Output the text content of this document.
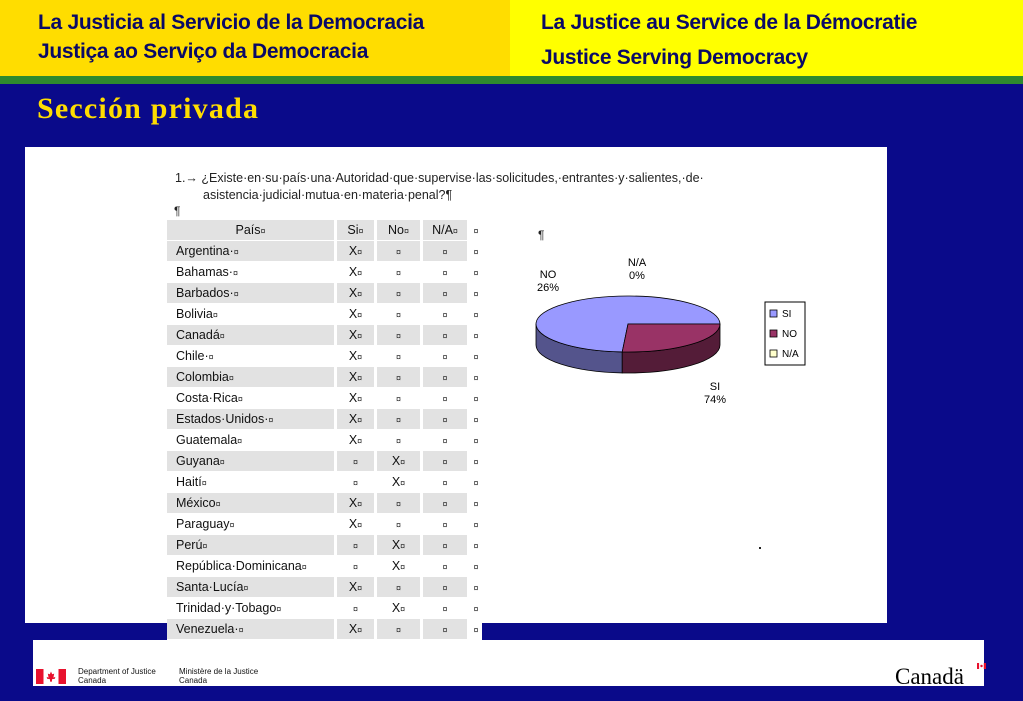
La Justicia al Servicio de la Democracia
Justiça ao Serviço da Democracia
La Justice au Service de la Démocratie
Justice Serving Democracy
Sección privada
1.→ ¿Existe·en·su·país·una·Autoridad·que·supervise·las·solicitudes,·entrantes·y·salientes,·de·
asistencia·judicial·mutua·en·materia·penal?¶
¶
¶
País¤	Si¤	No¤	N/A¤	¤
Argentina·¤	X¤	¤	¤	¤
Bahamas·¤	X¤	¤	¤	¤
Barbados·¤	X¤	¤	¤	¤
Bolivia¤	X¤	¤	¤	¤
Canadá¤	X¤	¤	¤	¤
Chile·¤	X¤	¤	¤	¤
Colombia¤	X¤	¤	¤	¤
Costa·Rica¤	X¤	¤	¤	¤
Estados·Unidos·¤	X¤	¤	¤	¤
Guatemala¤	X¤	¤	¤	¤
Guyana¤	¤	X¤	¤	¤
Haití¤	¤	X¤	¤	¤
México¤	X¤	¤	¤	¤
Paraguay¤	X¤	¤	¤	¤
Perú¤	¤	X¤	¤	¤
República·Dominicana¤	¤	X¤	¤	¤
Santa·Lucía¤	X¤	¤	¤	¤
Trinidad·y·Tobago¤	¤	X¤	¤	¤
Venezuela·¤	X¤	¤	¤	¤
SI
74%
NO
26%
N/A
0%
SI
NO
N/A
Department of Justice
Canada
Ministère de la Justice
Canada	Canadä
